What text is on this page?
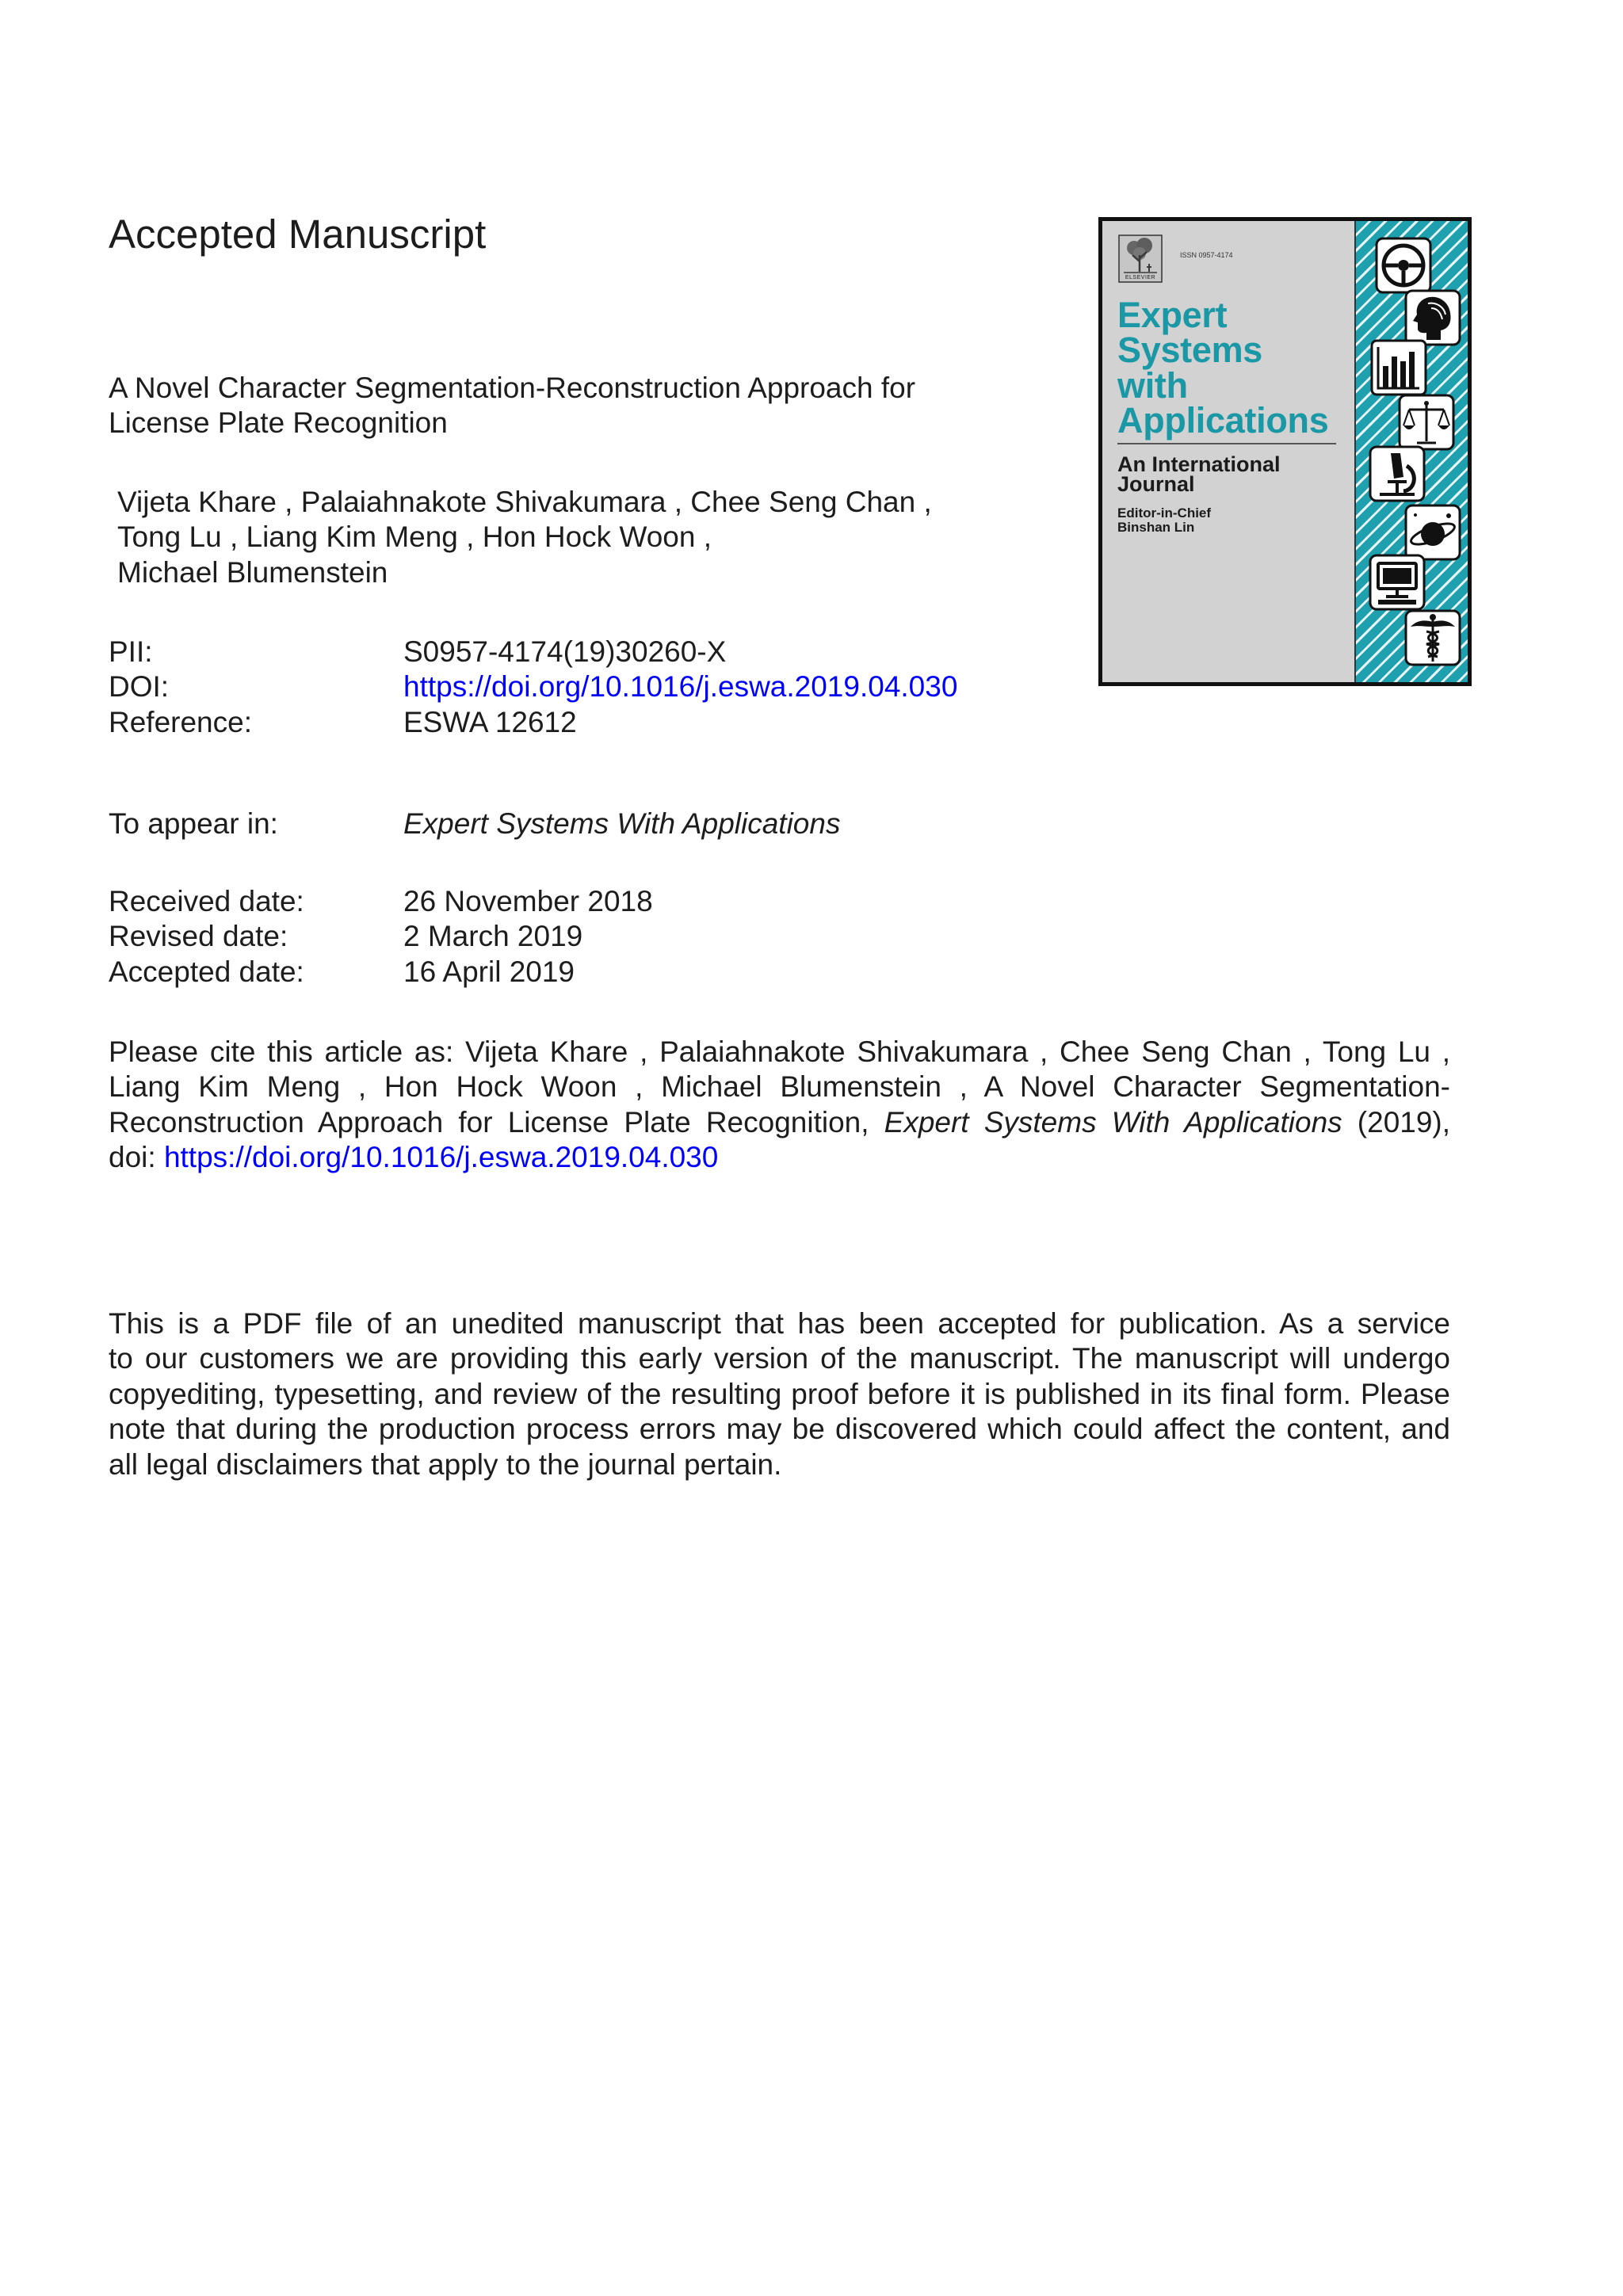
Accepted Manuscript
A Novel Character Segmentation-Reconstruction Approach for
License Plate Recognition
Vijeta Khare , Palaiahnakote Shivakumara , Chee Seng Chan ,
Tong Lu , Liang Kim Meng , Hon Hock Woon ,
Michael Blumenstein
PII:	S0957-4174(19)30260-X
DOI:	https://doi.org/10.1016/j.eswa.2019.04.030
Reference:	ESWA 12612
To appear in:	Expert Systems With Applications
Received date:	26 November 2018
Revised date:	2 March 2019
Accepted date:	16 April 2019
Please cite this article as: Vijeta Khare , Palaiahnakote Shivakumara , Chee Seng Chan , Tong Lu ,
Liang Kim Meng , Hon Hock Woon , Michael Blumenstein , A Novel Character Segmentation-
Reconstruction Approach for License Plate Recognition, Expert Systems With Applications (2019),
doi: https://doi.org/10.1016/j.eswa.2019.04.030
This is a PDF file of an unedited manuscript that has been accepted for publication. As a service
to our customers we are providing this early version of the manuscript. The manuscript will undergo
copyediting, typesetting, and review of the resulting proof before it is published in its final form. Please
note that during the production process errors may be discovered which could affect the content, and
all legal disclaimers that apply to the journal pertain.
ELSEVIER
ISSN 0957-4174
Expert
Systems
with
Applications
An International
Journal
Editor-in-Chief
Binshan Lin
